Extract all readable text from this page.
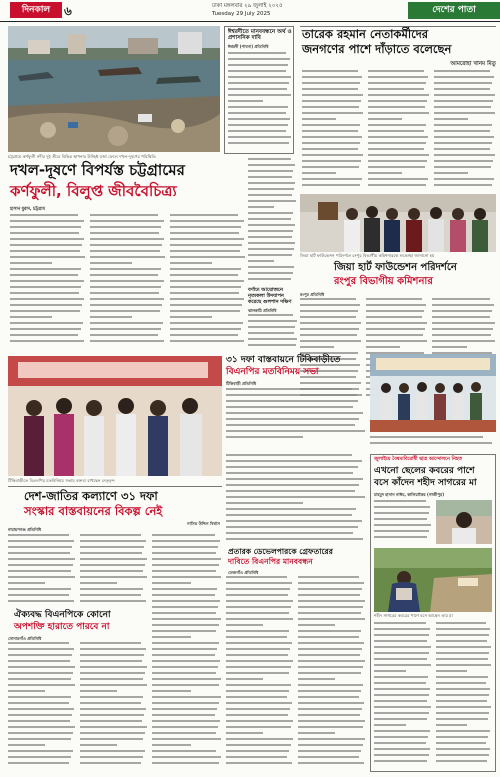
দিনকাল	৬	ঢাকা মঙ্গলবার ২৯ জুলাই ২০২৫
Tuesday 29 July 2025	দেশের পাতা
চট্টগ্রামে কর্ণফুলী নদীর দুই তীরে বিভিন্ন স্থাপনার উচ্ছিষ্ট বর্জ্য ফেলে দখল-দূষণের পরিস্থিতি
ঈশ্বরদীতে মানববন্ধনে অর্থ ও প্রশাসনিক দাবি
ঈশ্বরদী (পাবনা) প্রতিনিধি
দখল-দূষণে বিপর্যস্ত চট্টগ্রামের
কর্ণফুলী, বিলুপ্ত জীববৈচিত্র্য
হাসান মুরাদ, চট্টগ্রাম
বর্ণাঢ্য আয়োজনে নৃত্যকলা উদযাপন করেছে গুলশান দক্ষিণ
ঝালকাঠি প্রতিনিধি
তারেক রহমান নেতাকর্মীদের
জনগণের পাশে দাঁড়াতে বলেছেন
আমরোহা খানম মিতু
জিয়া হার্ট ফাউন্ডেশন পরিদর্শনে রংপুর বিভাগীয় কমিশনারকে শুভেচ্ছা জানানো হয়
জিয়া হার্ট ফাউন্ডেশন পরিদর্শনে
রংপুর বিভাগীয় কমিশনার
রংপুর প্রতিনিধি
৩১ দফা বাস্তবায়নে টিকিবাড়ীতে
বিএনপির মতবিনিময় সভা
টিকিবাড়ী প্রতিনিধি
টিকিবাড়ীতে বিএনপির মতবিনিময় সভায় বক্তব্য রাখছেন নেতৃবৃন্দ
দেশ-জাতির কল্যাণে ৩১ দফা
সংস্কার বাস্তবায়নের বিকল্প নেই
নাসির উদ্দিন বিশ্বাস
নারায়ণগঞ্জ প্রতিনিধি
ঐক্যবদ্ধ বিএনপিকে কোনো
অপশক্তি হারাতে পারবে না
সোনারগাঁও প্রতিনিধি
প্রতারক ডেভেলপারকে গ্রেফতারের
দাবিতে বিএনপির মানববন্ধন
তেজগাঁও প্রতিনিধি
জুলাইয়ে বৈষম্যবিরোধী ছাত্র আন্দোলনে নিহত
এখনো ছেলের কবরের পাশে
বসে কাঁদেন শহীদ সাগরের মা
মাহমুদ হাসান নাঈম, কালিয়াকৈর (গাজীপুর)
শহীদ সাগরের কবরের পাশে বসে আছেন তার মা
